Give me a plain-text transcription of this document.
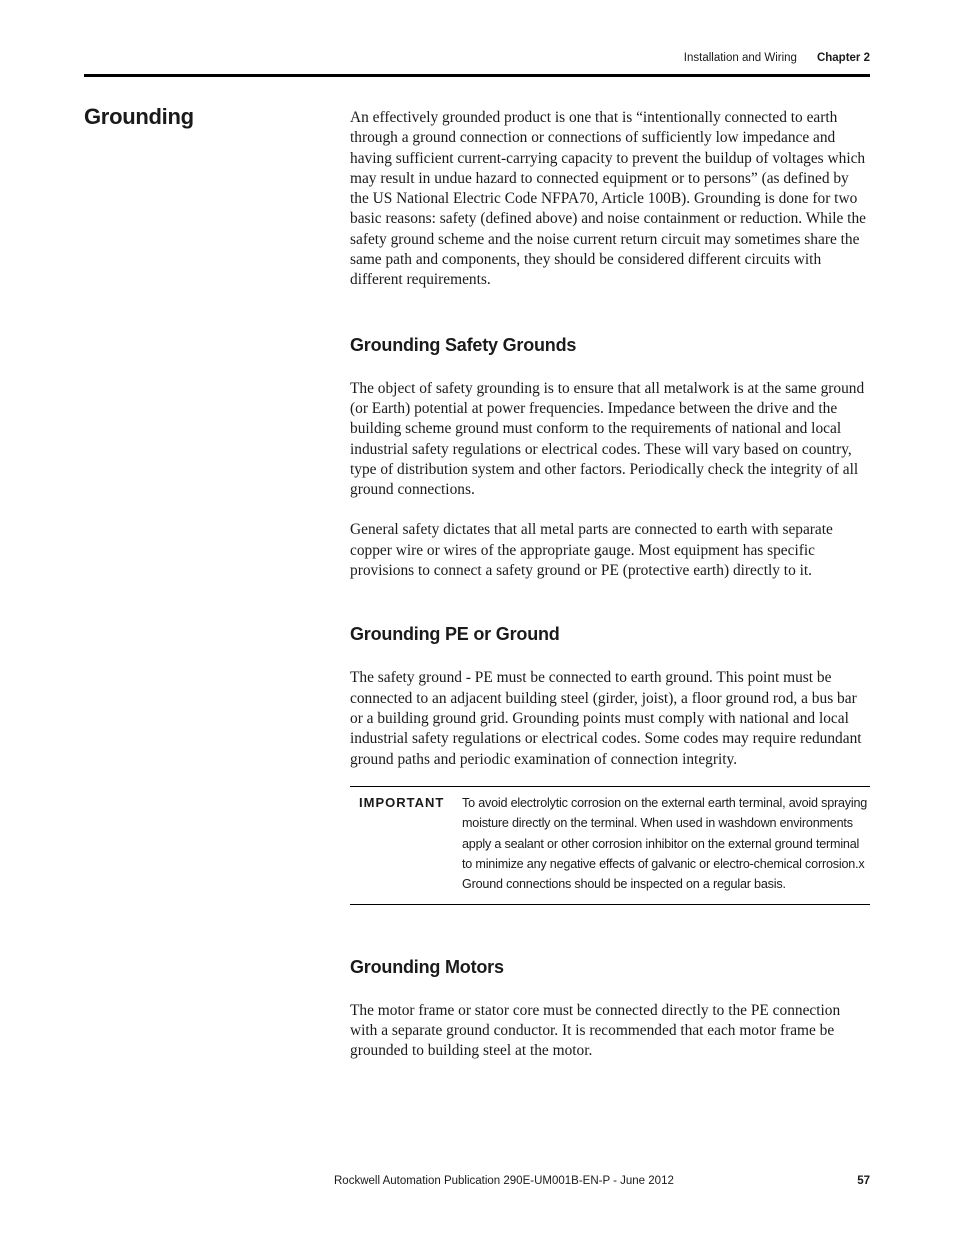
Installation and Wiring Chapter 2
Grounding	An effectively grounded product is one that is “intentionally connected to earth through a ground connection or connections of sufficiently low impedance and having sufficient current-carrying capacity to prevent the buildup of voltages which may result in undue hazard to connected equipment or to persons” (as defined by the US National Electric Code NFPA70, Article 100B). Grounding is done for two basic reasons: safety (defined above) and noise containment or reduction. While the safety ground scheme and the noise current return circuit may sometimes share the same path and components, they should be considered different circuits with different requirements.

Grounding Safety Grounds

The object of safety grounding is to ensure that all metalwork is at the same ground (or Earth) potential at power frequencies. Impedance between the drive and the building scheme ground must conform to the requirements of national and local industrial safety regulations or electrical codes. These will vary based on country, type of distribution system and other factors. Periodically check the integrity of all ground connections.

General safety dictates that all metal parts are connected to earth with separate copper wire or wires of the appropriate gauge. Most equipment has specific provisions to connect a safety ground or PE (protective earth) directly to it.

Grounding PE or Ground

The safety ground - PE must be connected to earth ground. This point must be connected to an adjacent building steel (girder, joist), a floor ground rod, a bus bar or a building ground grid. Grounding points must comply with national and local industrial safety regulations or electrical codes. Some codes may require redundant ground paths and periodic examination of connection integrity.

IMPORTANT	To avoid electrolytic corrosion on the external earth terminal, avoid spraying moisture directly on the terminal. When used in washdown environments apply a sealant or other corrosion inhibitor on the external ground terminal to minimize any negative effects of galvanic or electro-chemical corrosion.x Ground connections should be inspected on a regular basis.
Grounding Motors

The motor frame or stator core must be connected directly to the PE connection with a separate ground conductor. It is recommended that each motor frame be grounded to building steel at the motor.

Rockwell Automation Publication 290E-UM001B-EN-P - June 2012	57
